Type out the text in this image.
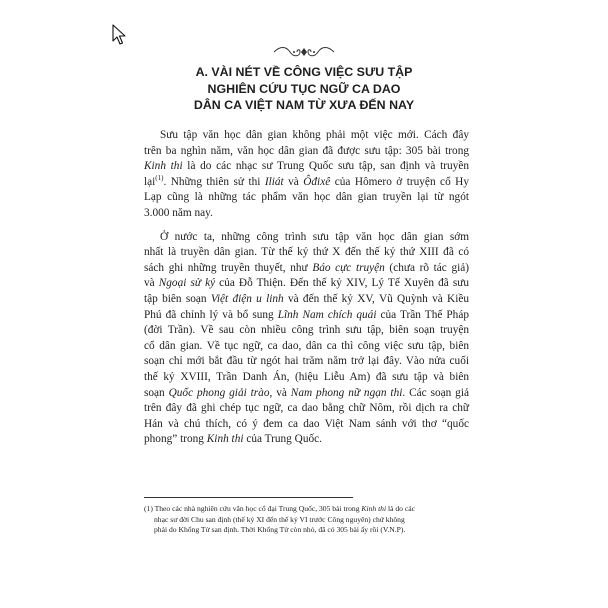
A. VÀI NÉT VỀ CÔNG VIỆC SƯU TẬP
NGHIÊN CỨU TỤC NGỮ CA DAO
DÂN CA VIỆT NAM TỪ XƯA ĐẾN NAY
Sưu tập văn học dân gian không phải một việc mới. Cách đây
trên ba nghìn năm, văn học dân gian đã được sưu tập: 305 bài trong
Kinh thi là do các nhạc sư Trung Quốc sưu tập, san định và truyền
lại$^{(1)}$. Những thiên sử thi Iliát và Ôđixê của Hômero ở truyện cổ Hy
Lạp cũng là những tác phẩm văn học dân gian truyền lại từ ngót
3.000 năm nay.
Ở nước ta, những công trình sưu tập văn học dân gian sớm
nhất là truyền dân gian. Từ thế kỷ thứ X đến thế kỷ thứ XIII đã có
sách ghi những truyền thuyết, như Báo cực truyện (chưa rõ tác giả)
và Ngoại sử ký của Đỗ Thiện. Đến thế kỷ XIV, Lý Tế Xuyên đã sưu
tập biên soạn Việt điện u linh và đến thế kỷ XV, Vũ Quỳnh và Kiều
Phú đã chỉnh lý và bổ sung Lĩnh Nam chích quái của Trần Thế Pháp
(đời Trần). Về sau còn nhiều công trình sưu tập, biên soạn truyện
cổ dân gian. Về tục ngữ, ca dao, dân ca thì công việc sưu tập, biên
soạn chỉ mới bắt đầu từ ngót hai trăm năm trở lại đây. Vào nửa cuối
thế kỷ XVIII, Trần Danh Án, (hiệu Liễu Am) đã sưu tập và biên
soạn Quốc phong giải trào, và Nam phong nữ ngạn thi. Các soạn giả
trên đây đã ghi chép tục ngữ, ca dao bằng chữ Nôm, rồi dịch ra chữ
Hán và chú thích, có ý đem ca dao Việt Nam sánh với thơ “quốc
phong” trong Kinh thi của Trung Quốc.
(1) Theo các nhà nghiên cứu văn học cổ đại Trung Quốc, 305 bài trong Kinh thi là do các
nhạc sư đời Chu san định (thế kỷ XI đến thế kỷ VI trước Công nguyên) chứ không
phải do Khổng Tử san định. Thời Khổng Tử còn nhỏ, đã có 305 bài ấy rồi (V.N.P).
